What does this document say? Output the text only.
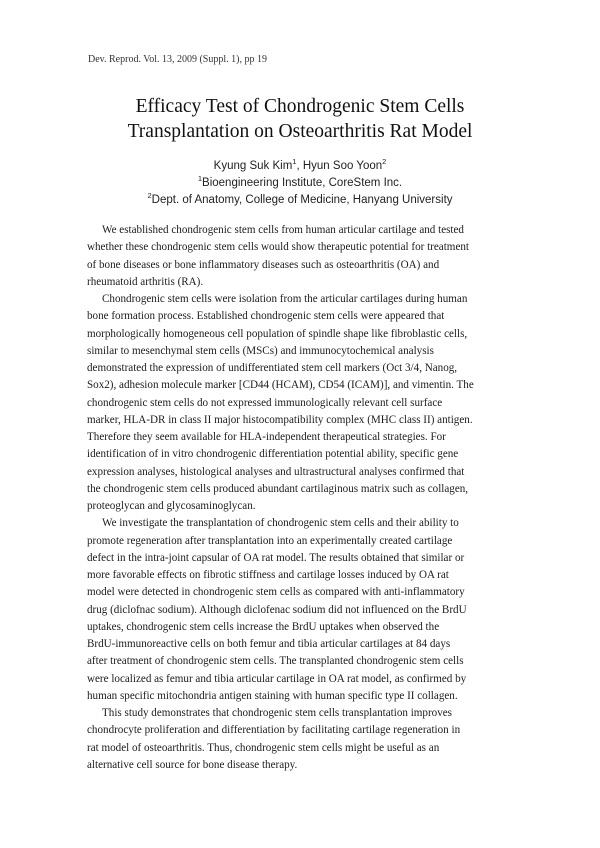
Dev. Reprod. Vol. 13, 2009 (Suppl. 1), pp 19
Efficacy Test of Chondrogenic Stem Cells
Transplantation on Osteoarthritis Rat Model
Kyung Suk Kim$^1$, Hyun Soo Yoon$^2$
$^1$Bioengineering Institute, CoreStem Inc.
$^2$Dept. of Anatomy, College of Medicine, Hanyang University

We established chondrogenic stem cells from human articular cartilage and tested
whether these chondrogenic stem cells would show therapeutic potential for treatment
of bone diseases or bone inflammatory diseases such as osteoarthritis (OA) and
rheumatoid arthritis (RA).

Chondrogenic stem cells were isolation from the articular cartilages during human
bone formation process. Established chondrogenic stem cells were appeared that
morphologically homogeneous cell population of spindle shape like fibroblastic cells,
similar to mesenchymal stem cells (MSCs) and immunocytochemical analysis
demonstrated the expression of undifferentiated stem cell markers (Oct 3/4, Nanog,
Sox2), adhesion molecule marker [CD44 (HCAM), CD54 (ICAM)], and vimentin. The
chondrogenic stem cells do not expressed immunologically relevant cell surface
marker, HLA-DR in class II major histocompatibility complex (MHC class II) antigen.
Therefore they seem available for HLA-independent therapeutical strategies. For
identification of in vitro chondrogenic differentiation potential ability, specific gene
expression analyses, histological analyses and ultrastructural analyses confirmed that
the chondrogenic stem cells produced abundant cartilaginous matrix such as collagen,
proteoglycan and glycosaminoglycan.

We investigate the transplantation of chondrogenic stem cells and their ability to
promote regeneration after transplantation into an experimentally created cartilage
defect in the intra-joint capsular of OA rat model. The results obtained that similar or
more favorable effects on fibrotic stiffness and cartilage losses induced by OA rat
model were detected in chondrogenic stem cells as compared with anti-inflammatory
drug (diclofnac sodium). Although diclofenac sodium did not influenced on the BrdU
uptakes, chondrogenic stem cells increase the BrdU uptakes when observed the
BrdU-immunoreactive cells on both femur and tibia articular cartilages at 84 days
after treatment of chondrogenic stem cells. The transplanted chondrogenic stem cells
were localized as femur and tibia articular cartilage in OA rat model, as confirmed by
human specific mitochondria antigen staining with human specific type II collagen.

This study demonstrates that chondrogenic stem cells transplantation improves
chondrocyte proliferation and differentiation by facilitating cartilage regeneration in
rat model of osteoarthritis. Thus, chondrogenic stem cells might be useful as an
alternative cell source for bone disease therapy.
